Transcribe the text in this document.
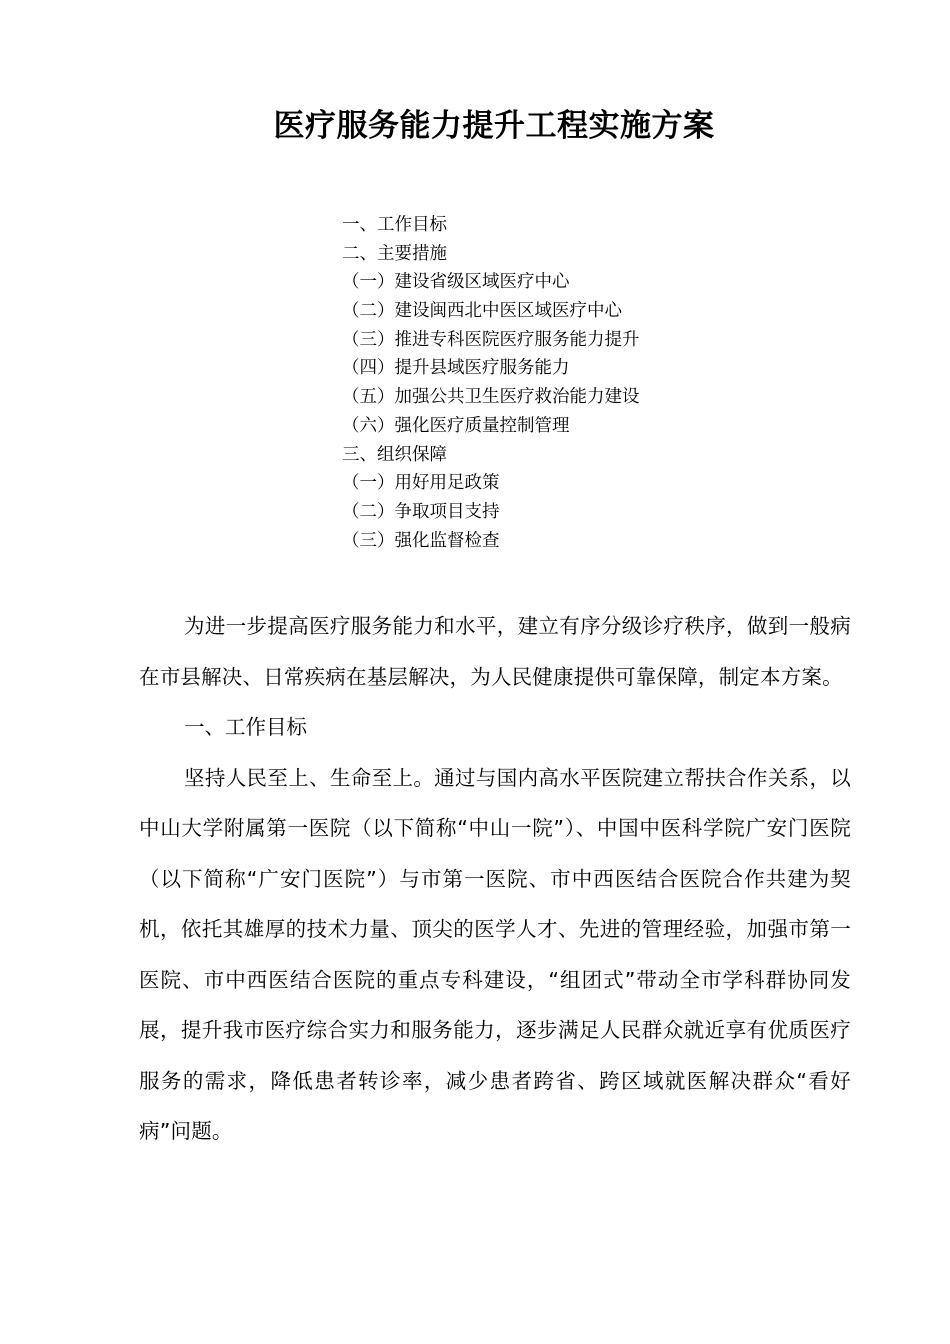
医疗服务能力提升工程实施方案
一、工作目标
二、主要措施
（一）建设省级区域医疗中心
（二）建设闽西北中医区域医疗中心
（三）推进专科医院医疗服务能力提升
（四）提升县域医疗服务能力
（五）加强公共卫生医疗救治能力建设
（六）强化医疗质量控制管理
三、组织保障
（一）用好用足政策
（二）争取项目支持
（三）强化监督检查

为进一步提高医疗服务能力和水平，建立有序分级诊疗秩序，做到一般病在市县解决、日常疾病在基层解决，为人民健康提供可靠保障，制定本方案。

一、工作目标

坚持人民至上、生命至上。通过与国内高水平医院建立帮扶合作关系，以中山大学附属第一医院（以下简称“中山一院”）、中国中医科学院广安门医院（以下简称“广安门医院”）与市第一医院、市中西医结合医院合作共建为契机，依托其雄厚的技术力量、顶尖的医学人才、先进的管理经验，加强市第一医院、市中西医结合医院的重点专科建设，“组团式”带动全市学科群协同发展，提升我市医疗综合实力和服务能力，逐步满足人民群众就近享有优质医疗服务的需求，降低患者转诊率，减少患者跨省、跨区域就医解决群众“看好病”问题。
